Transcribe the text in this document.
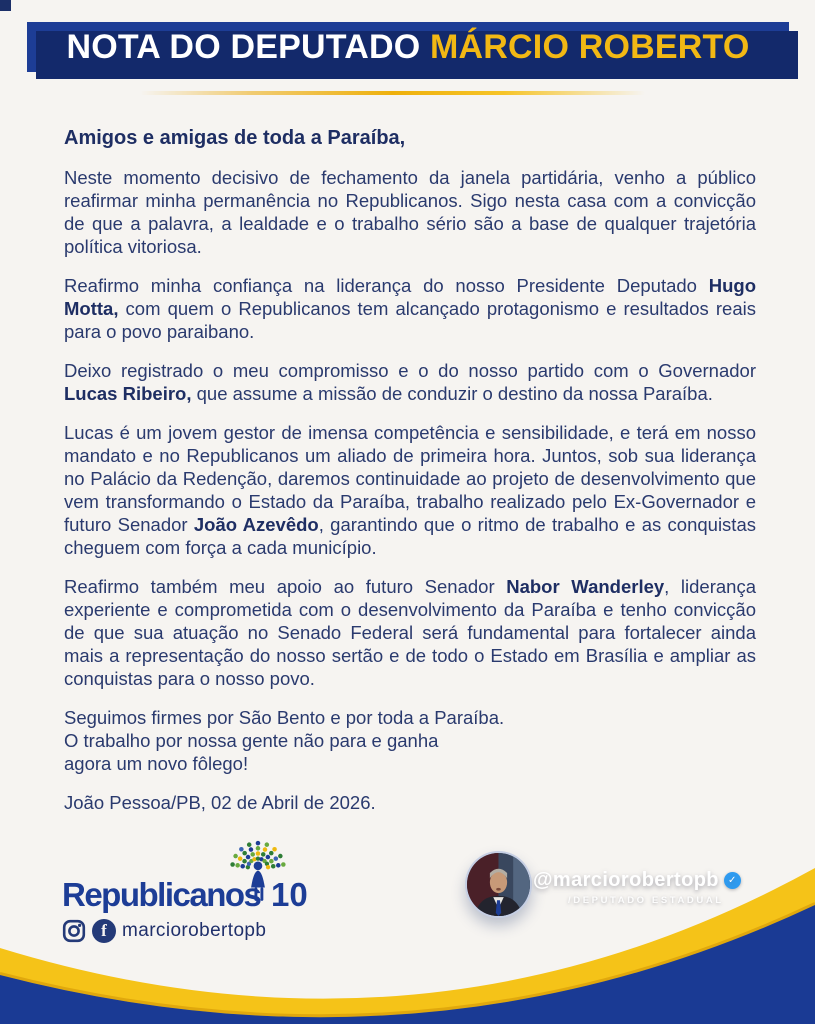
NOTA DO DEPUTADO MÁRCIO ROBERTO

Amigos e amigas de toda a Paraíba,

Neste momento decisivo de fechamento da janela partidária, venho a público reafirmar minha permanência no Republicanos. Sigo nesta casa com a convicção de que a palavra, a lealdade e o trabalho sério são a base de qualquer trajetória política vitoriosa.

Reafirmo minha confiança na liderança do nosso Presidente Deputado Hugo Motta, com quem o Republicanos tem alcançado protagonismo e resultados reais para o povo paraibano.

Deixo registrado o meu compromisso e o do nosso partido com o Governador Lucas Ribeiro, que assume a missão de conduzir o destino da nossa Paraíba.

Lucas é um jovem gestor de imensa competência e sensibilidade, e terá em nosso mandato e no Republicanos um aliado de primeira hora. Juntos, sob sua liderança no Palácio da Redenção, daremos continuidade ao projeto de desenvolvimento que vem transformando o Estado da Paraíba, trabalho realizado pelo Ex-Governador e futuro Senador João Azevêdo, garantindo que o ritmo de trabalho e as conquistas cheguem com força a cada município.

Reafirmo também meu apoio ao futuro Senador Nabor Wanderley, liderança experiente e comprometida com o desenvolvimento da Paraíba e tenho convicção de que sua atuação no Senado Federal será fundamental para fortalecer ainda mais a representação do nosso sertão e de todo o Estado em Brasília e ampliar as conquistas para o nosso povo.

Seguimos firmes por São Bento e por toda a Paraíba.
O trabalho por nossa gente não para e ganha
agora um novo fôlego!

João Pessoa/PB, 02 de Abril de 2026.

Republicanos 10
f
marciorobertopb
@marciorobertopb
✓
/DEPUTADO ESTADUAL
